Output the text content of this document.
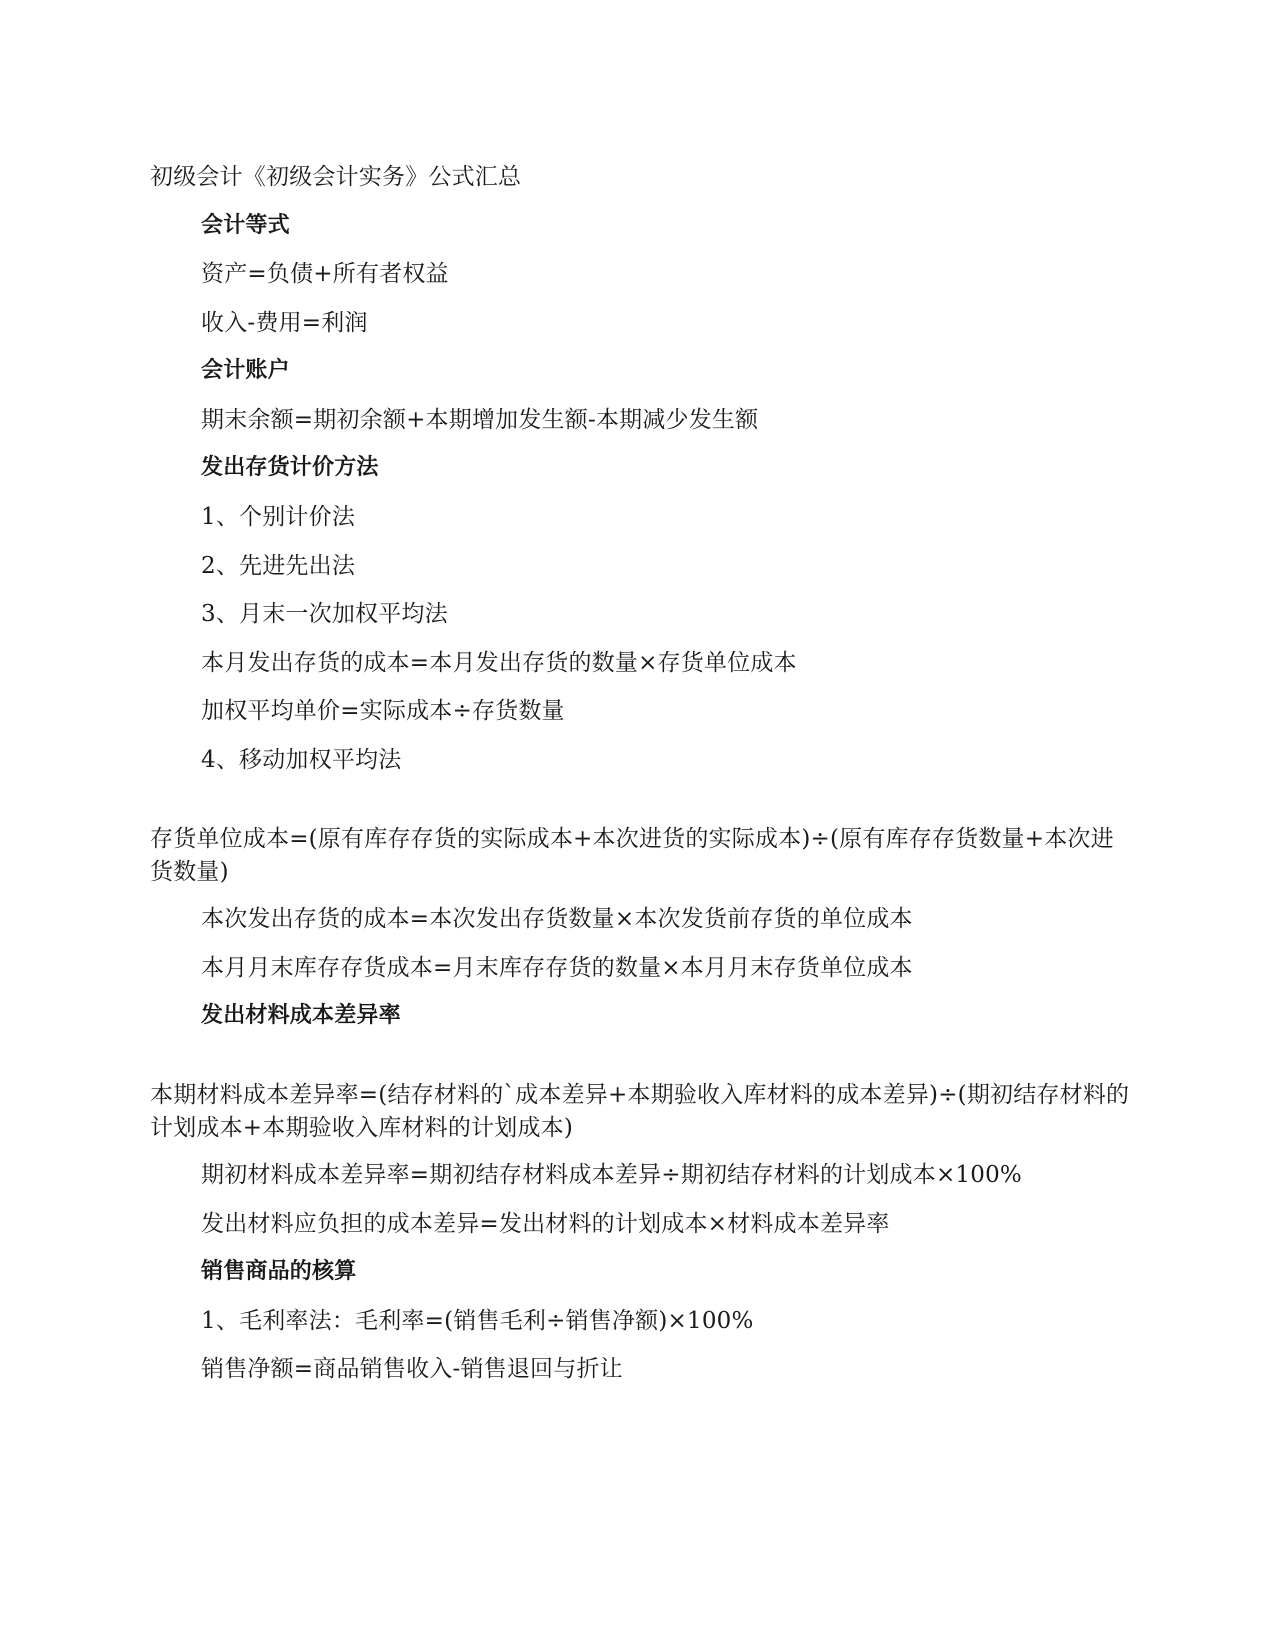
初级会计《初级会计实务》公式汇总

会计等式

资产=负债+所有者权益

收入-费用=利润

会计账户

期末余额=期初余额+本期增加发生额-本期减少发生额

发出存货计价方法

1、个别计价法

2、先进先出法

3、月末一次加权平均法

本月发出存货的成本=本月发出存货的数量×存货单位成本

加权平均单价=实际成本÷存货数量

4、移动加权平均法

存货单位成本=(原有库存存货的实际成本+本次进货的实际成本)÷(原有库存存货数量+本次进货数量)

本次发出存货的成本=本次发出存货数量×本次发货前存货的单位成本

本月月末库存存货成本=月末库存存货的数量×本月月末存货单位成本

发出材料成本差异率

本期材料成本差异率=(结存材料的`成本差异+本期验收入库材料的成本差异)÷(期初结存材料的计划成本+本期验收入库材料的计划成本)

期初材料成本差异率=期初结存材料成本差异÷期初结存材料的计划成本×100%

发出材料应负担的成本差异=发出材料的计划成本×材料成本差异率

销售商品的核算

1、毛利率法：毛利率=(销售毛利÷销售净额)×100%

销售净额=商品销售收入-销售退回与折让
